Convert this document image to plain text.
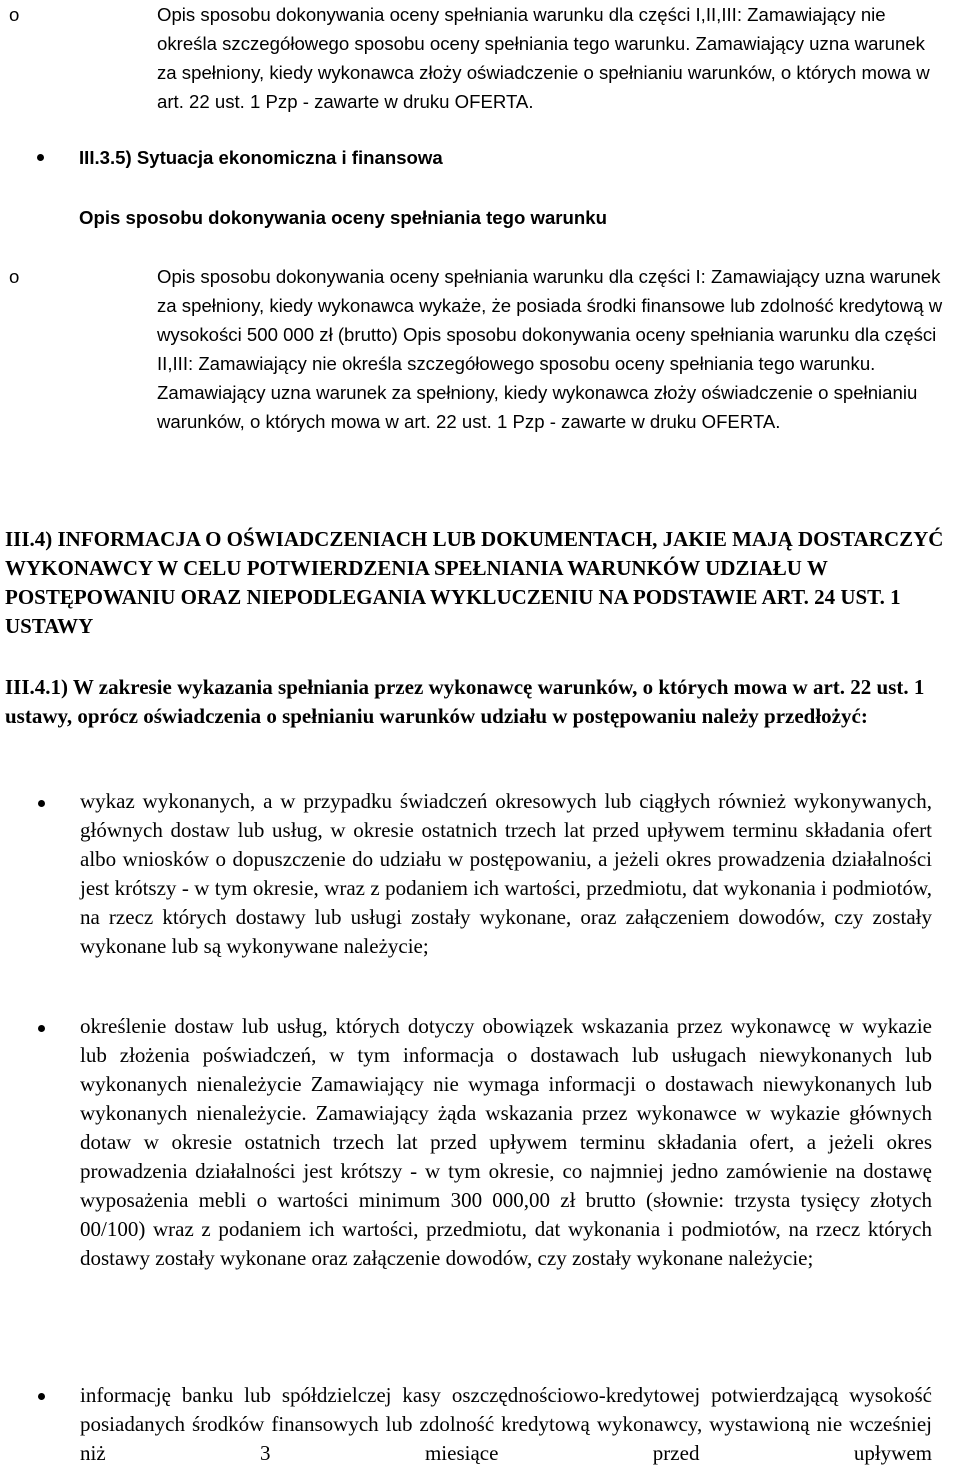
o	Opis sposobu dokonywania oceny spełniania warunku dla części I,II,III: Zamawiający nie określa szczegółowego sposobu oceny spełniania tego warunku. Zamawiający uzna warunek za spełniony, kiedy wykonawca złoży oświadczenie o spełnianiu warunków, o których mowa w art. 22 ust. 1 Pzp - zawarte w druku OFERTA.
III.3.5) Sytuacja ekonomiczna i finansowa
Opis sposobu dokonywania oceny spełniania tego warunku
o	Opis sposobu dokonywania oceny spełniania warunku dla części I: Zamawiający uzna warunek za spełniony, kiedy wykonawca wykaże, że posiada środki finansowe lub zdolność kredytową w wysokości 500 000 zł (brutto) Opis sposobu dokonywania oceny spełniania warunku dla części II,III: Zamawiający nie określa szczegółowego sposobu oceny spełniania tego warunku. Zamawiający uzna warunek za spełniony, kiedy wykonawca złoży oświadczenie o spełnianiu warunków, o których mowa w art. 22 ust. 1 Pzp - zawarte w druku OFERTA.
III.4) INFORMACJA O OŚWIADCZENIACH LUB DOKUMENTACH, JAKIE MAJĄ DOSTARCZYĆ WYKONAWCY W CELU POTWIERDZENIA SPEŁNIANIA WARUNKÓW UDZIAŁU W POSTĘPOWANIU ORAZ NIEPODLEGANIA WYKLUCZENIU NA PODSTAWIE ART. 24 UST. 1 USTAWY
III.4.1) W zakresie wykazania spełniania przez wykonawcę warunków, o których mowa w art. 22 ust. 1 ustawy, oprócz oświadczenia o spełnianiu warunków udziału w postępowaniu należy przedłożyć:
wykaz wykonanych, a w przypadku świadczeń okresowych lub ciągłych również wykonywanych, głównych dostaw lub usług, w okresie ostatnich trzech lat przed upływem terminu składania ofert albo wniosków o dopuszczenie do udziału w postępowaniu, a jeżeli okres prowadzenia działalności jest krótszy - w tym okresie, wraz z podaniem ich wartości, przedmiotu, dat wykonania i podmiotów, na rzecz których dostawy lub usługi zostały wykonane, oraz załączeniem dowodów, czy zostały wykonane lub są wykonywane należycie;
określenie dostaw lub usług, których dotyczy obowiązek wskazania przez wykonawcę w wykazie lub złożenia poświadczeń, w tym informacja o dostawach lub usługach niewykonanych lub wykonanych nienależycie Zamawiający nie wymaga informacji o dostawach niewykonanych lub wykonanych nienależycie. Zamawiający żąda wskazania przez wykonawce w wykazie głównych dotaw w okresie ostatnich trzech lat przed upływem terminu składania ofert, a jeżeli okres prowadzenia działalności jest krótszy - w tym okresie, co najmniej jedno zamówienie na dostawę wyposażenia mebli o wartości minimum 300 000,00 zł brutto (słownie: trzysta tysięcy złotych 00/100) wraz z podaniem ich wartości, przedmiotu, dat wykonania i podmiotów, na rzecz których dostawy zostały wykonane oraz załączenie dowodów, czy zostały wykonane należycie;
informację banku lub spółdzielczej kasy oszczędnościowo-kredytowej potwierdzającą wysokość posiadanych środków finansowych lub zdolność kredytową wykonawcy, wystawioną nie wcześniej niż 3 miesiące przed upływem
